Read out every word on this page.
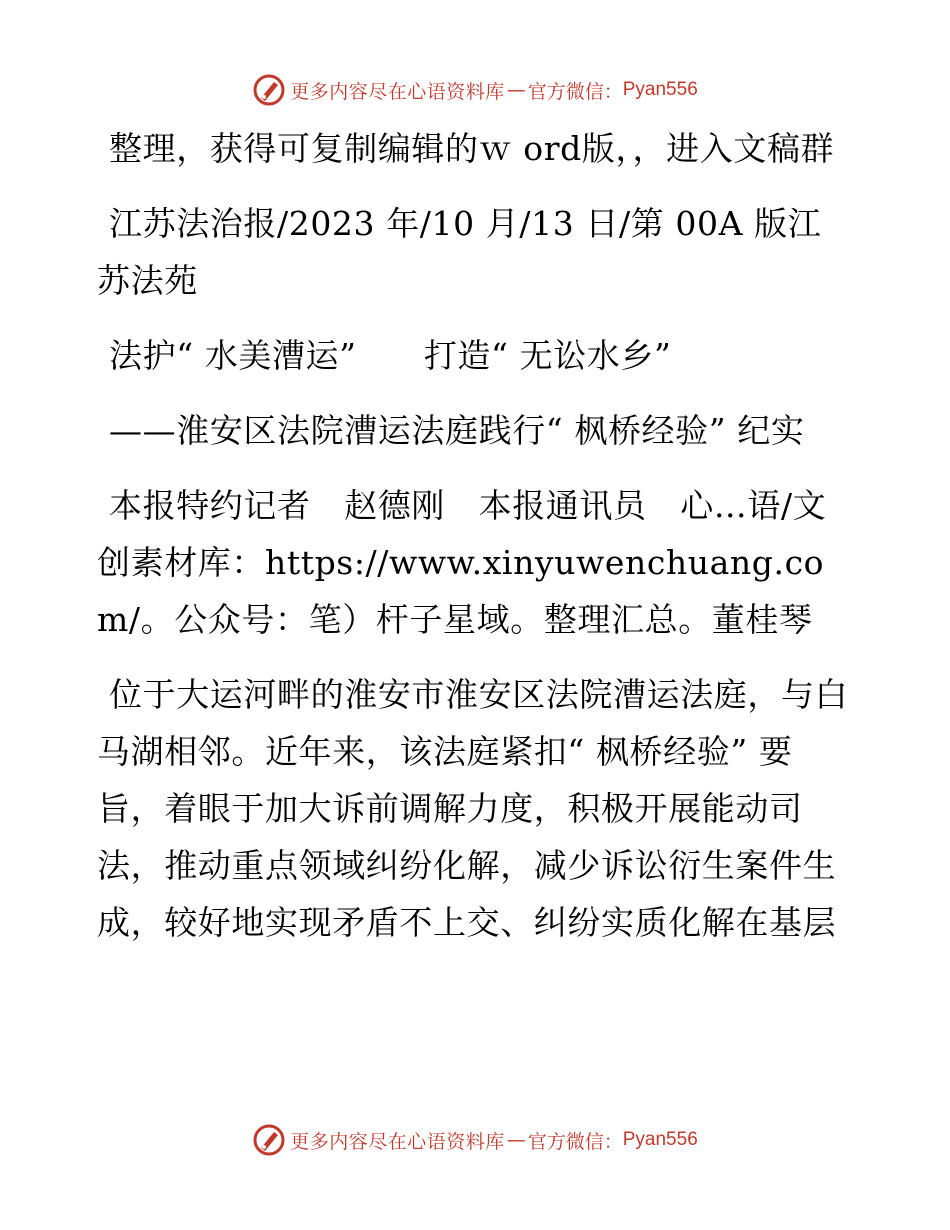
更多内容尽在心语资料库 — 官方微信： Pyan556

整理，获得可复制编辑的ｗ ord版，，进入文稿群

江苏法治报/2023 年/10 月/13 日/第 00A 版江苏法苑

法护“ 水美漕运”　　打造“ 无讼水乡”

——淮安区法院漕运法庭践行“ 枫桥经验” 纪实

本报特约记者　赵德刚　本报通讯员　心…语/文创素材库：https://www.xinyuwenchuang.com/。公众号：笔）杆子星域。整理汇总。董桂琴

位于大运河畔的淮安市淮安区法院漕运法庭，与白马湖相邻。近年来，该法庭紧扣“ 枫桥经验” 要旨，着眼于加大诉前调解力度，积极开展能动司法，推动重点领域纠纷化解，减少诉讼衍生案件生成，较好地实现矛盾不上交、纠纷实质化解在基层

更多内容尽在心语资料库 — 官方微信： Pyan556
